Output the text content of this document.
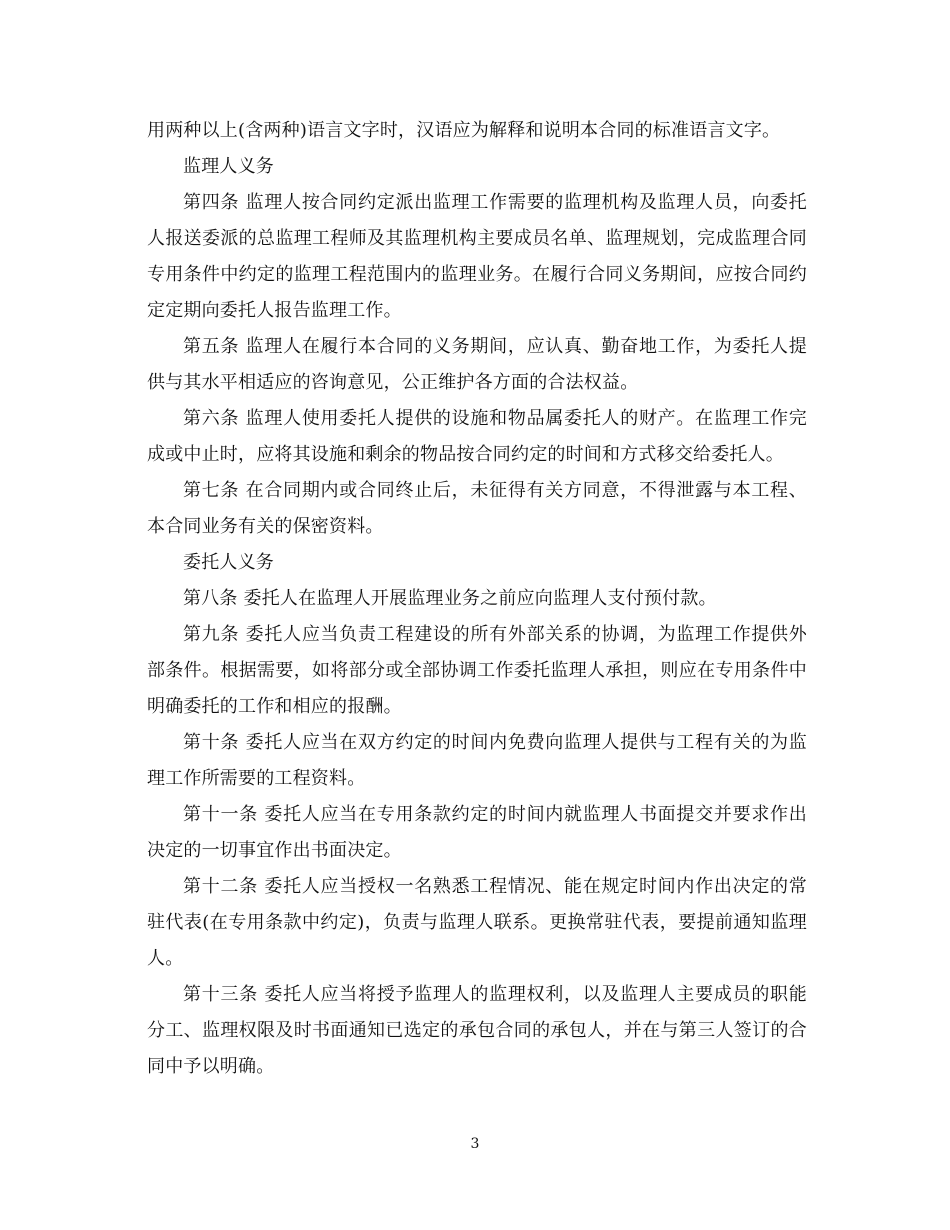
用两种以上(含两种)语言文字时，汉语应为解释和说明本合同的标准语言文字。

监理人义务

第四条 监理人按合同约定派出监理工作需要的监理机构及监理人员，向委托人报送委派的总监理工程师及其监理机构主要成员名单、监理规划，完成监理合同专用条件中约定的监理工程范围内的监理业务。在履行合同义务期间，应按合同约定定期向委托人报告监理工作。

第五条 监理人在履行本合同的义务期间，应认真、勤奋地工作，为委托人提供与其水平相适应的咨询意见，公正维护各方面的合法权益。

第六条 监理人使用委托人提供的设施和物品属委托人的财产。在监理工作完成或中止时，应将其设施和剩余的物品按合同约定的时间和方式移交给委托人。

第七条 在合同期内或合同终止后，未征得有关方同意，不得泄露与本工程、本合同业务有关的保密资料。

委托人义务

第八条 委托人在监理人开展监理业务之前应向监理人支付预付款。

第九条 委托人应当负责工程建设的所有外部关系的协调，为监理工作提供外部条件。根据需要，如将部分或全部协调工作委托监理人承担，则应在专用条件中明确委托的工作和相应的报酬。

第十条 委托人应当在双方约定的时间内免费向监理人提供与工程有关的为监理工作所需要的工程资料。

第十一条 委托人应当在专用条款约定的时间内就监理人书面提交并要求作出决定的一切事宜作出书面决定。

第十二条 委托人应当授权一名熟悉工程情况、能在规定时间内作出决定的常驻代表(在专用条款中约定)，负责与监理人联系。更换常驻代表，要提前通知监理人。

第十三条 委托人应当将授予监理人的监理权利，以及监理人主要成员的职能分工、监理权限及时书面通知已选定的承包合同的承包人，并在与第三人签订的合同中予以明确。

3
